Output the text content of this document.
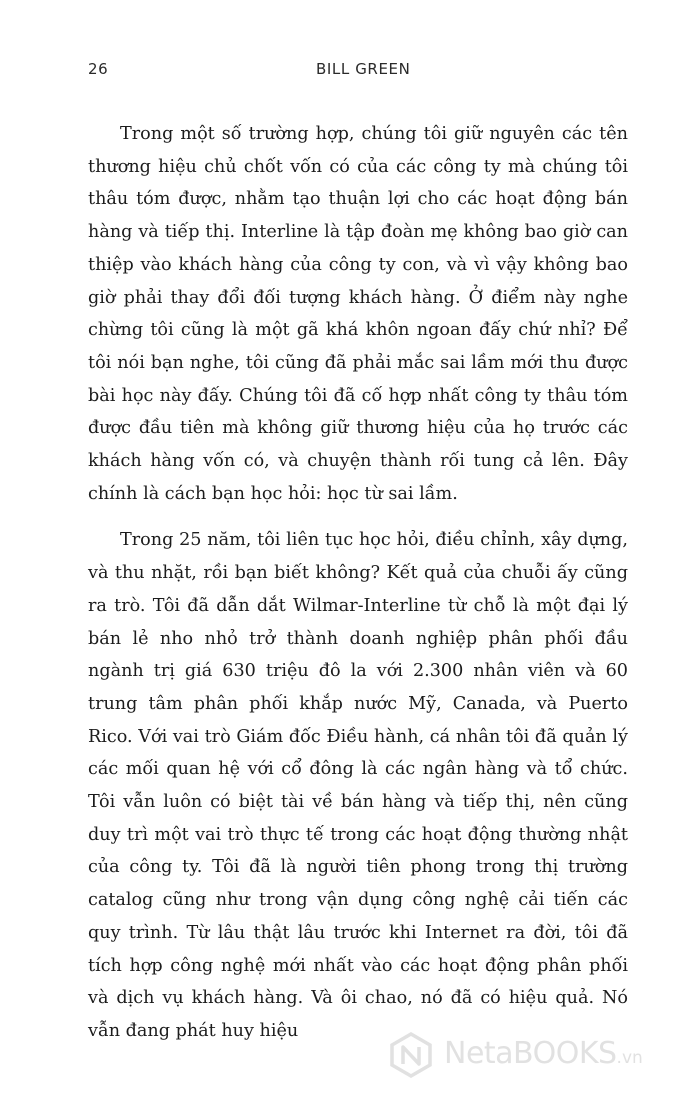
26	BILL GREEN

Trong một số trường hợp, chúng tôi giữ nguyên các tên thương hiệu chủ chốt vốn có của các công ty mà chúng tôi thâu tóm được, nhằm tạo thuận lợi cho các hoạt động bán hàng và tiếp thị. Interline là tập đoàn mẹ không bao giờ can thiệp vào khách hàng của công ty con, và vì vậy không bao giờ phải thay đổi đối tượng khách hàng. Ở điểm này nghe chừng tôi cũng là một gã khá khôn ngoan đấy chứ nhỉ? Để tôi nói bạn nghe, tôi cũng đã phải mắc sai lầm mới thu được bài học này đấy. Chúng tôi đã cố hợp nhất công ty thâu tóm được đầu tiên mà không giữ thương hiệu của họ trước các khách hàng vốn có, và chuyện thành rối tung cả lên. Đây chính là cách bạn học hỏi: học từ sai lầm.

Trong 25 năm, tôi liên tục học hỏi, điều chỉnh, xây dựng, và thu nhặt, rồi bạn biết không? Kết quả của chuỗi ấy cũng ra trò. Tôi đã dẫn dắt Wilmar-Interline từ chỗ là một đại lý bán lẻ nho nhỏ trở thành doanh nghiệp phân phối đầu ngành trị giá 630 triệu đô la với 2.300 nhân viên và 60 trung tâm phân phối khắp nước Mỹ, Canada, và Puerto Rico. Với vai trò Giám đốc Điều hành, cá nhân tôi đã quản lý các mối quan hệ với cổ đông là các ngân hàng và tổ chức. Tôi vẫn luôn có biệt tài về bán hàng và tiếp thị, nên cũng duy trì một vai trò thực tế trong các hoạt động thường nhật của công ty. Tôi đã là người tiên phong trong thị trường catalog cũng như trong vận dụng công nghệ cải tiến các quy trình. Từ lâu thật lâu trước khi Internet ra đời, tôi đã tích hợp công nghệ mới nhất vào các hoạt động phân phối và dịch vụ khách hàng. Và ôi chao, nó đã có hiệu quả. Nó vẫn đang phát huy hiệu

NetaBOOKS.vn
